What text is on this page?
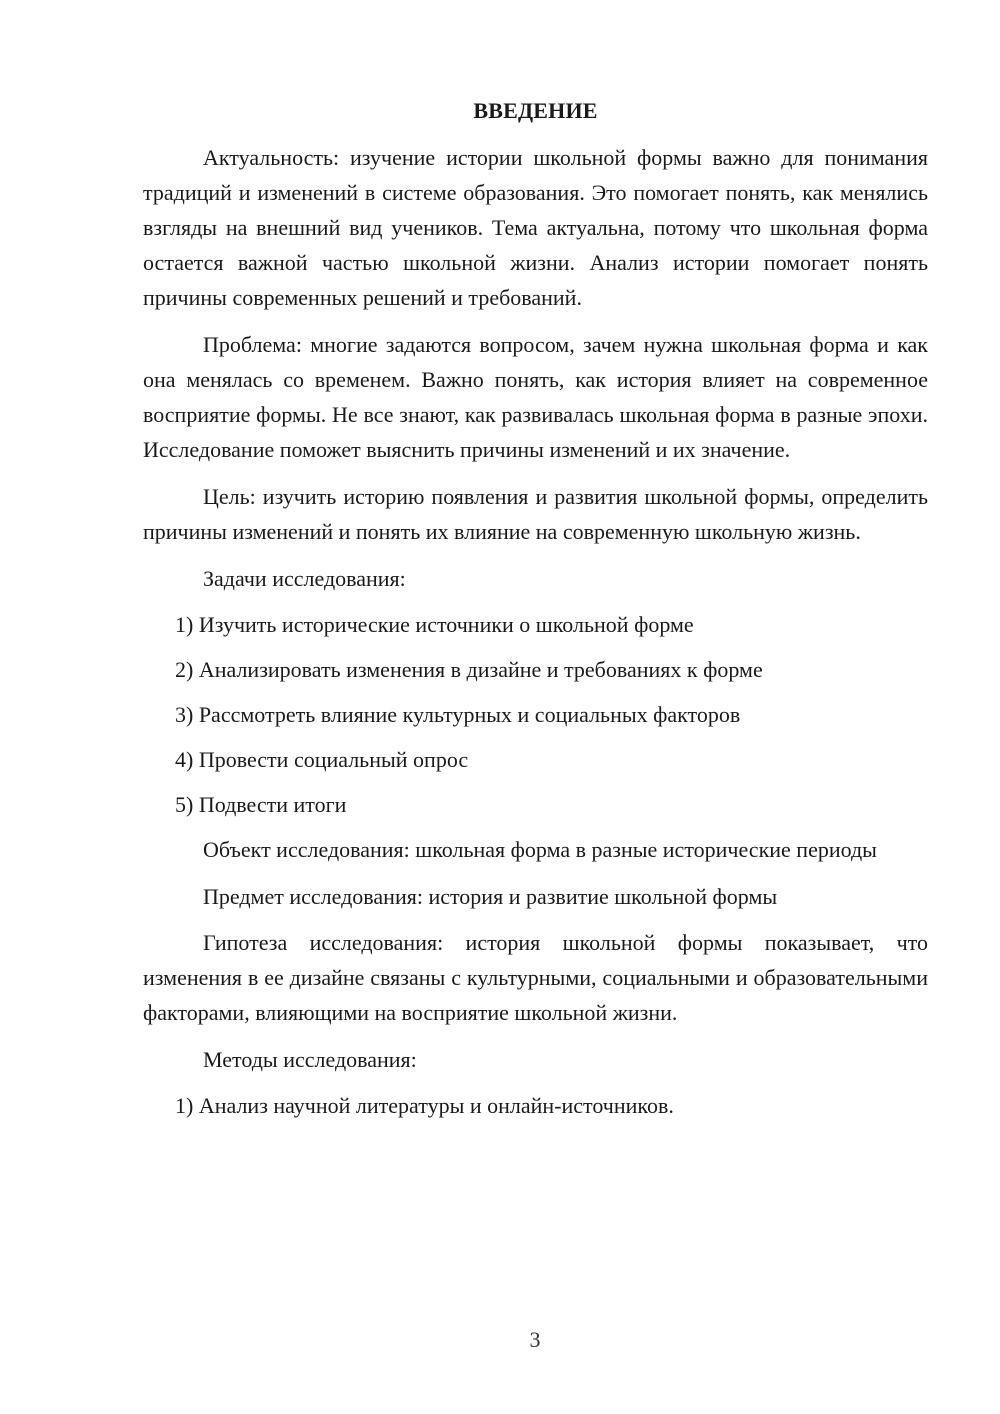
ВВЕДЕНИЕ

Актуальность: изучение истории школьной формы важно для понимания традиций и изменений в системе образования. Это помогает понять, как менялись взгляды на внешний вид учеников. Тема актуальна, потому что школьная форма остается важной частью школьной жизни. Анализ истории помогает понять причины современных решений и требований.

Проблема: многие задаются вопросом, зачем нужна школьная форма и как она менялась со временем. Важно понять, как история влияет на современное восприятие формы. Не все знают, как развивалась школьная форма в разные эпохи. Исследование поможет выяснить причины изменений и их значение.

Цель: изучить историю появления и развития школьной формы, определить причины изменений и понять их влияние на современную школьную жизнь.

Задачи исследования:

1) Изучить исторические источники о школьной форме
2) Анализировать изменения в дизайне и требованиях к форме
3) Рассмотреть влияние культурных и социальных факторов
4) Провести социальный опрос
5) Подвести итоги

Объект исследования: школьная форма в разные исторические периоды

Предмет исследования: история и развитие школьной формы

Гипотеза исследования: история школьной формы показывает, что изменения в ее дизайне связаны с культурными, социальными и образовательными факторами, влияющими на восприятие школьной жизни.

Методы исследования:

1) Анализ научной литературы и онлайн-источников.
3
